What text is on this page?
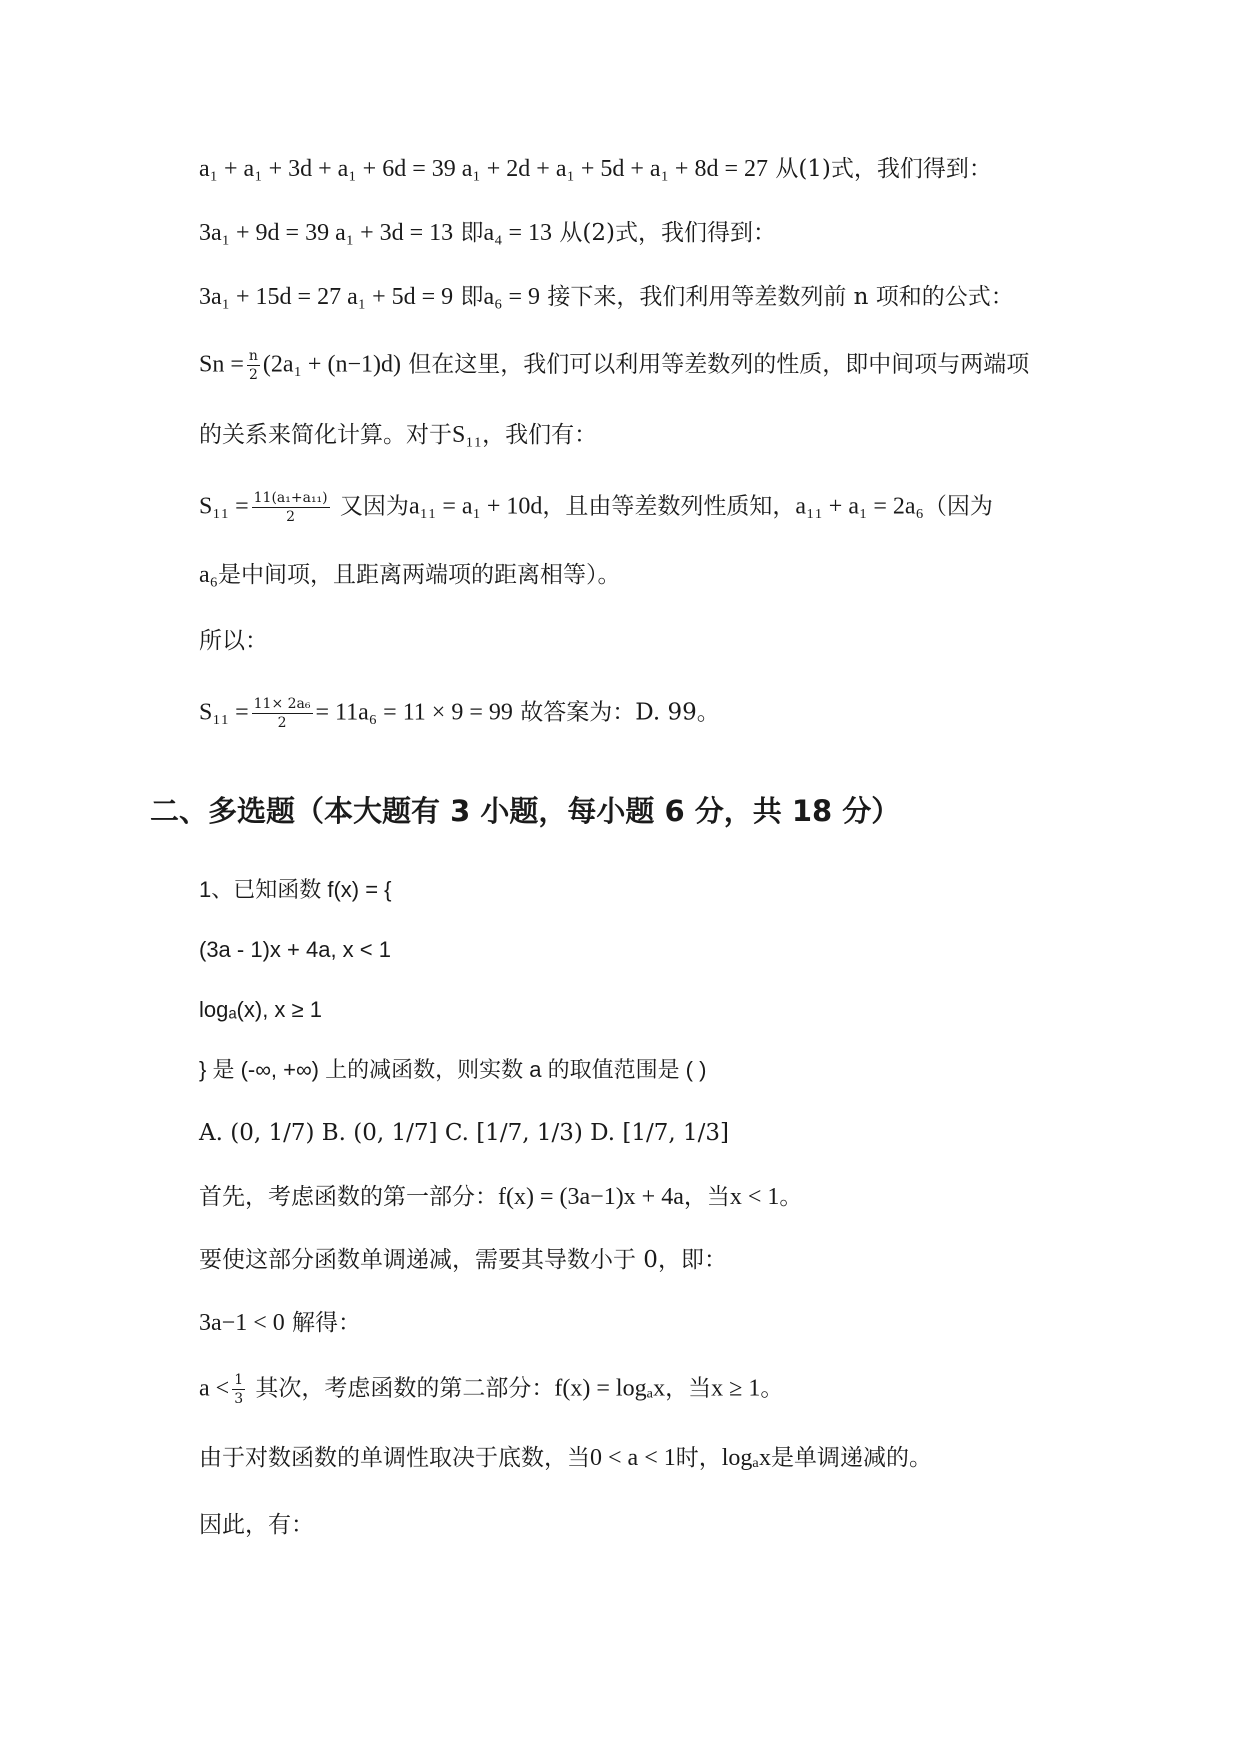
a₁ + a₁ + 3d + a₁ + 6d = 39 a₁ + 2d + a₁ + 5d + a₁ + 8d = 27 从(1)式，我们得到：
3a₁ + 9d = 39 a₁ + 3d = 13 即a₄ = 13 从(2)式，我们得到：
3a₁ + 15d = 27 a₁ + 5d = 9 即a₆ = 9 接下来，我们利用等差数列前 n 项和的公式：
$Sn = \frac{n}{2} (2a_1 + (n-1)d)$ 但在这里，我们可以利用等差数列的性质，即中间项与两端项
的关系来简化计算。对于S₁₁，我们有：
$S_{11} = \frac{\text{11(a₁+a₁₁)}}{2}$ 又因为a₁₁ = a₁ + 10d，且由等差数列性质知，a₁₁ + a₁ = 2a₆（因为
a₆是中间项，且距离两端项的距离相等）。
所以：
$S_{11} = \frac{\text{11× 2a₆}}{2} = 11a_6 = 11 \times 9 = 99$ 故答案为：D. 99。
二、多选题（本大题有 3 小题，每小题 6 分，共 18 分）
1、已知函数 f(x) = {
(3a - 1)x + 4a, x < 1
logₐ(x), x ≥ 1
} 是 (-∞, +∞) 上的减函数，则实数 a 的取值范围是 ( )
A. (0, 1/7) B. (0, 1/7] C. [1/7, 1/3) D. [1/7, 1/3]
首先，考虑函数的第一部分：f(x) = (3a−1)x + 4a，当x < 1。
要使这部分函数单调递减，需要其导数小于 0，即：
3a−1 < 0 解得：
$a < \frac{1}{3}$ 其次，考虑函数的第二部分：f(x) = logₐx，当x ≥ 1。
由于对数函数的单调性取决于底数，当0 < a < 1时，logₐx是单调递减的。
因此，有：
